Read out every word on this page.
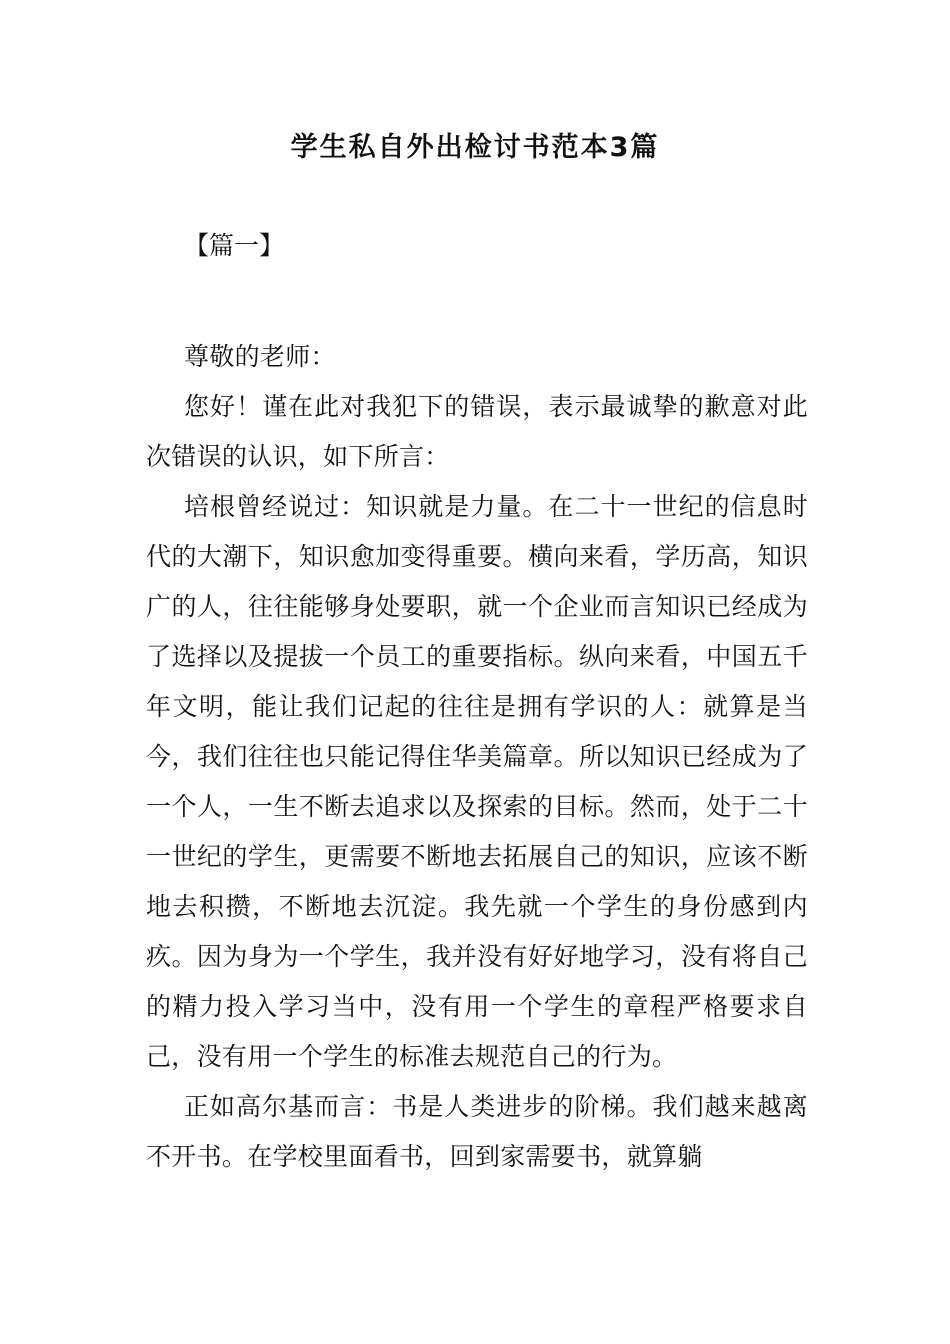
学生私自外出检讨书范本3篇
【篇一】

尊敬的老师：

您好！谨在此对我犯下的错误，表示最诚挚的歉意对此次错误的认识，如下所言：

培根曾经说过：知识就是力量。在二十一世纪的信息时代的大潮下，知识愈加变得重要。横向来看，学历高，知识广的人，往往能够身处要职，就一个企业而言知识已经成为了选择以及提拔一个员工的重要指标。纵向来看，中国五千年文明，能让我们记起的往往是拥有学识的人：就算是当今，我们往往也只能记得住华美篇章。所以知识已经成为了一个人，一生不断去追求以及探索的目标。然而，处于二十一世纪的学生，更需要不断地去拓展自己的知识，应该不断地去积攒，不断地去沉淀。我先就一个学生的身份感到内疚。因为身为一个学生，我并没有好好地学习，没有将自己的精力投入学习当中，没有用一个学生的章程严格要求自己，没有用一个学生的标准去规范自己的行为。

正如高尔基而言：书是人类进步的阶梯。我们越来越离不开书。在学校里面看书，回到家需要书，就算躺
